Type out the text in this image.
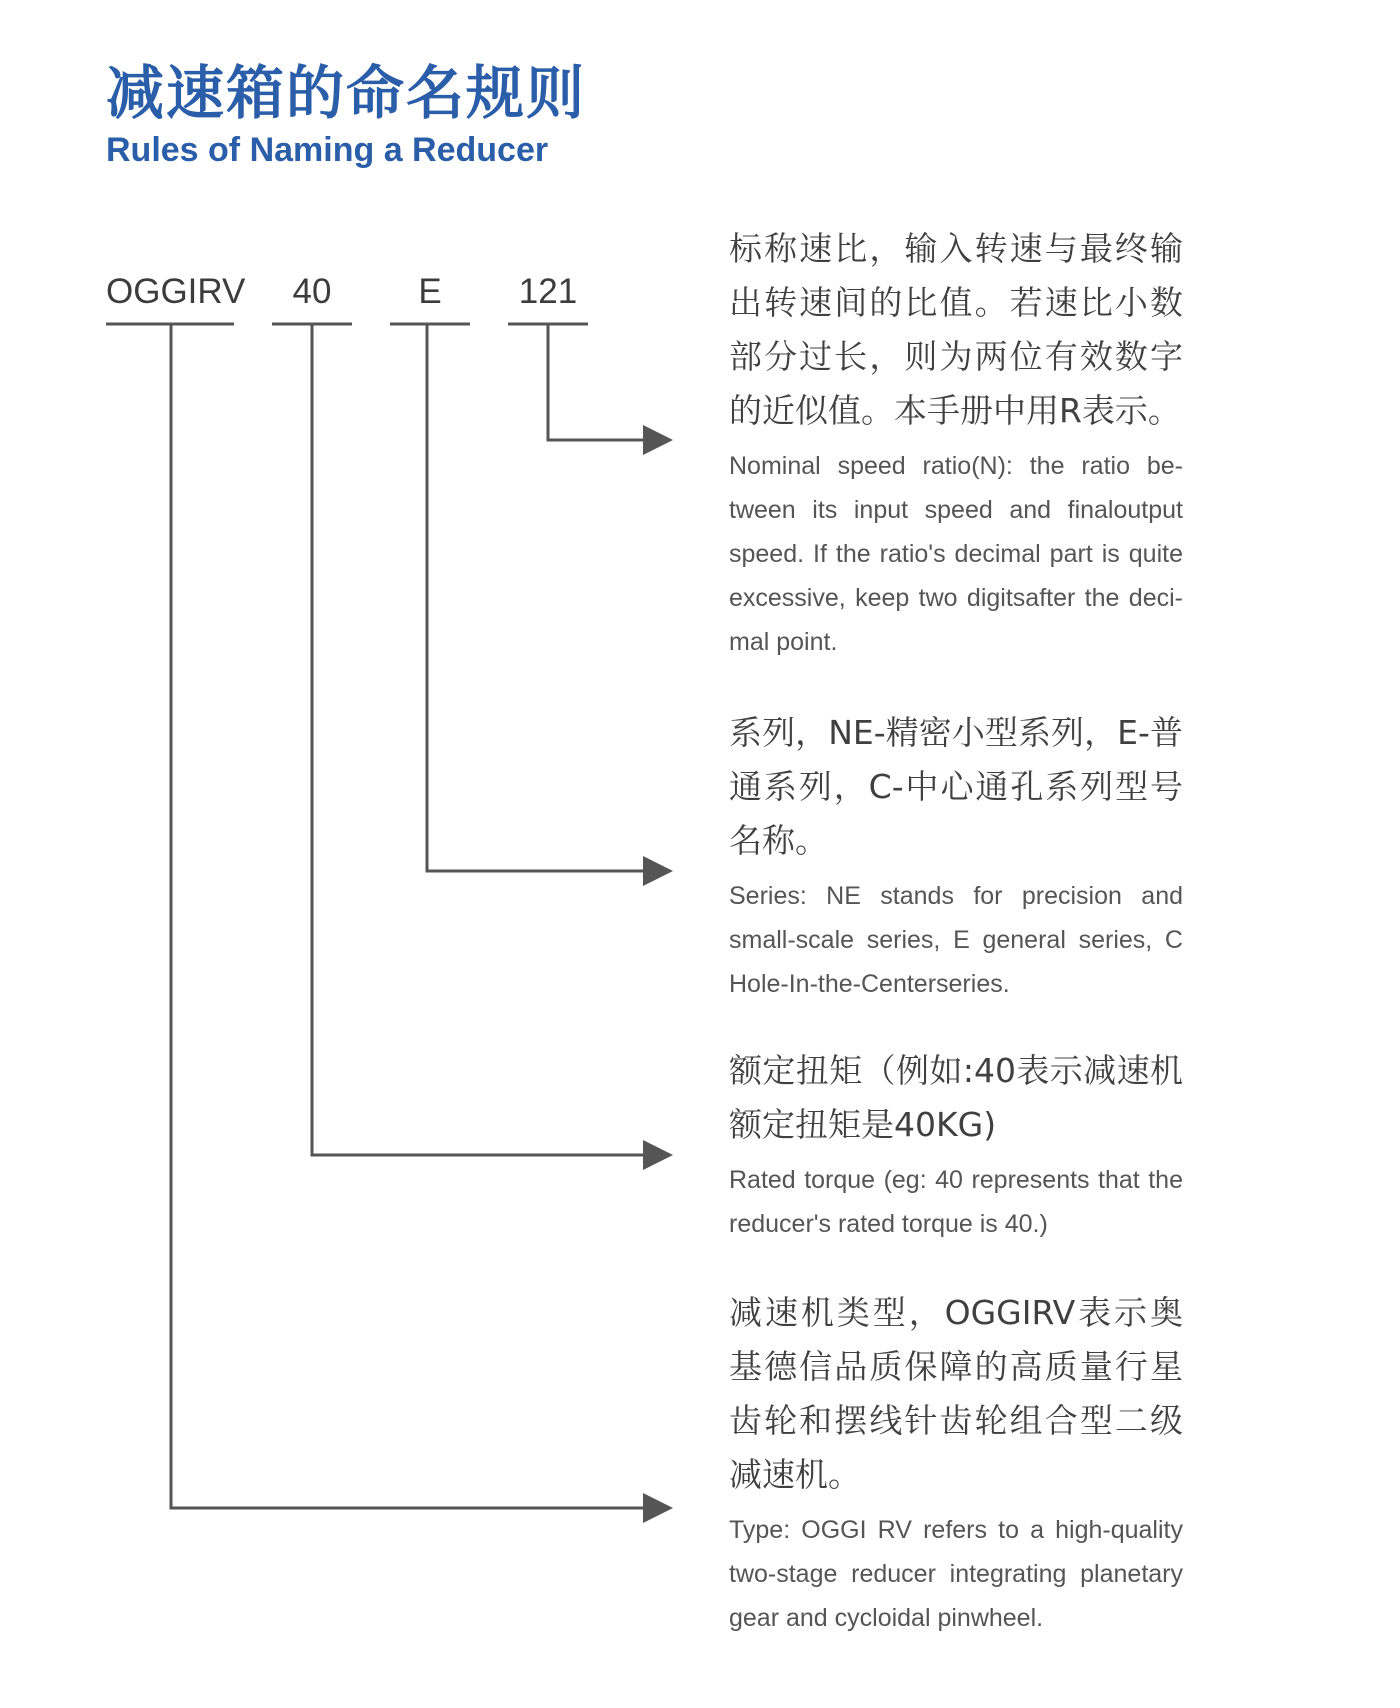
减速箱的命名规则
Rules of Naming a Reducer
OGGIRV	40	E	121

标称速比，输入转速与最终输出转速间的比值。若速比小数部分过长，则为两位有效数字的近似值。本手册中用R表示。

Nominal speed ratio(N): the ratio be-tween its input speed and finaloutput speed. If the ratio's decimal part is quite excessive, keep two digitsafter the deci-mal point.

系列，NE-精密小型系列，E-普通系列，C-中心通孔系列型号名称。

Series: NE stands for precision and small-scale series, E general series, C Hole-In-the-Centerseries.

额定扭矩（例如:40表示减速机额定扭矩是40KG)

Rated torque (eg: 40 represents that the reducer's rated torque is 40.)

减速机类型，OGGIRV表示奥基德信品质保障的高质量行星齿轮和摆线针齿轮组合型二级减速机。

Type: OGGI RV refers to a high-quality two-stage reducer integrating planetary gear and cycloidal pinwheel.
